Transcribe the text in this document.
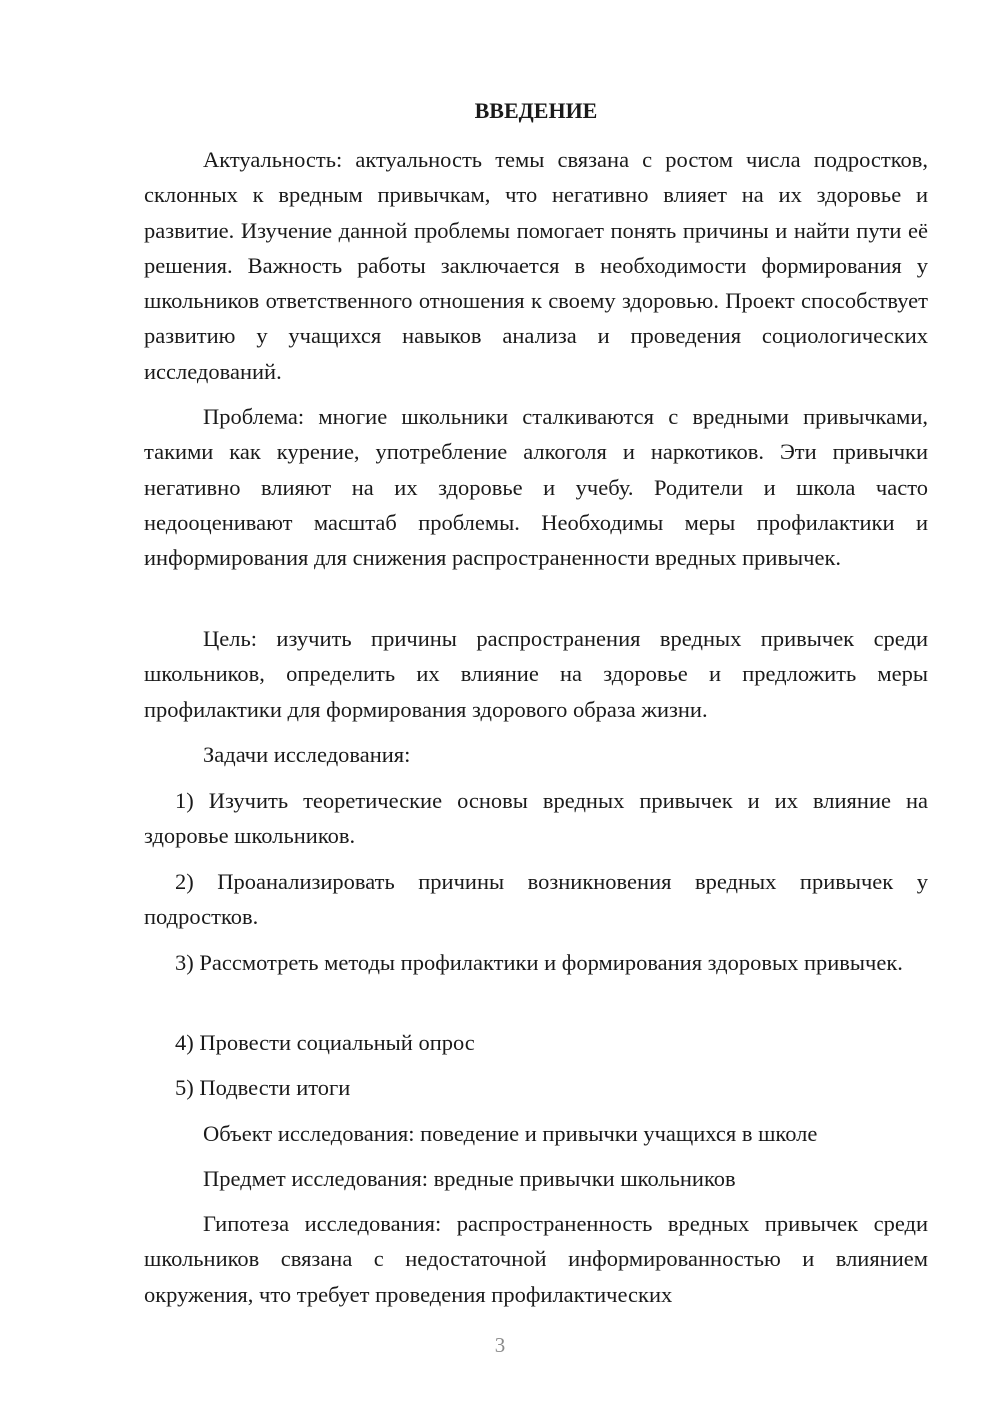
ВВЕДЕНИЕ

Актуальность: актуальность темы связана с ростом числа подростков, склонных к вредным привычкам, что негативно влияет на их здоровье и развитие. Изучение данной проблемы помогает понять причины и найти пути её решения. Важность работы заключается в необходимости формирования у школьников ответственного отношения к своему здоровью. Проект способствует развитию у учащихся навыков анализа и проведения социологических исследований.

Проблема: многие школьники сталкиваются с вредными привычками, такими как курение, употребление алкоголя и наркотиков. Эти привычки негативно влияют на их здоровье и учебу. Родители и школа часто недооценивают масштаб проблемы. Необходимы меры профилактики и информирования для снижения распространенности вредных привычек.

Цель: изучить причины распространения вредных привычек среди школьников, определить их влияние на здоровье и предложить меры профилактики для формирования здорового образа жизни.

Задачи исследования:

1) Изучить теоретические основы вредных привычек и их влияние на здоровье школьников.

2) Проанализировать причины возникновения вредных привычек у подростков.

3) Рассмотреть методы профилактики и формирования здоровых привычек.

4) Провести социальный опрос

5) Подвести итоги

Объект исследования: поведение и привычки учащихся в школе

Предмет исследования: вредные привычки школьников

Гипотеза исследования: распространенность вредных привычек среди школьников связана с недостаточной информированностью и влиянием окружения, что требует проведения профилактических

3
